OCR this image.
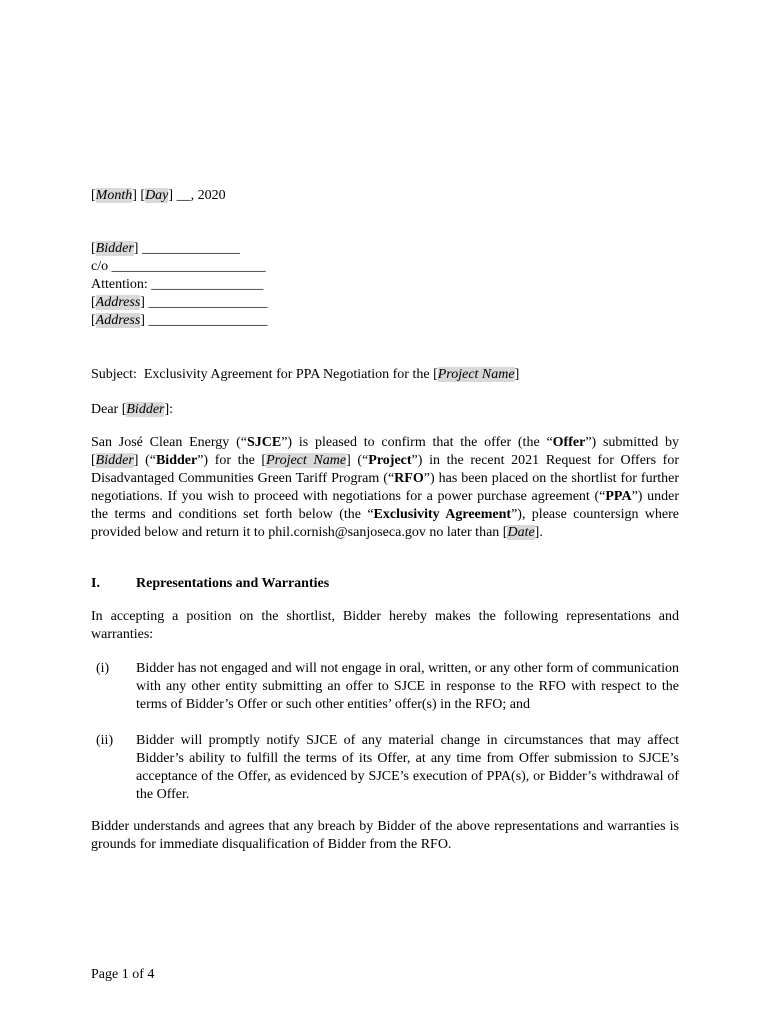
[Month] [Day] __, 2020
[Bidder] ______________
c/o ______________________
Attention: ________________
[Address] _________________
[Address] _________________
Subject:  Exclusivity Agreement for PPA Negotiation for the [Project Name]
Dear [Bidder]:

San José Clean Energy (“SJCE”) is pleased to confirm that the offer (the “Offer”) submitted by [Bidder] (“Bidder”) for the [Project Name] (“Project”) in the recent 2021 Request for Offers for Disadvantaged Communities Green Tariff Program (“RFO”) has been placed on the shortlist for further negotiations. If you wish to proceed with negotiations for a power purchase agreement (“PPA”) under the terms and conditions set forth below (the “Exclusivity Agreement”), please countersign where provided below and return it to phil.cornish@sanjoseca.gov no later than [Date].

I.	Representations and Warranties

In accepting a position on the shortlist, Bidder hereby makes the following representations and warranties:

(i) Bidder has not engaged and will not engage in oral, written, or any other form of communication with any other entity submitting an offer to SJCE in response to the RFO with respect to the terms of Bidder’s Offer or such other entities’ offer(s) in the RFO; and

(ii) Bidder will promptly notify SJCE of any material change in circumstances that may affect Bidder’s ability to fulfill the terms of its Offer, at any time from Offer submission to SJCE’s acceptance of the Offer, as evidenced by SJCE’s execution of PPA(s), or Bidder’s withdrawal of the Offer.

Bidder understands and agrees that any breach by Bidder of the above representations and warranties is grounds for immediate disqualification of Bidder from the RFO.

Page 1 of 4
